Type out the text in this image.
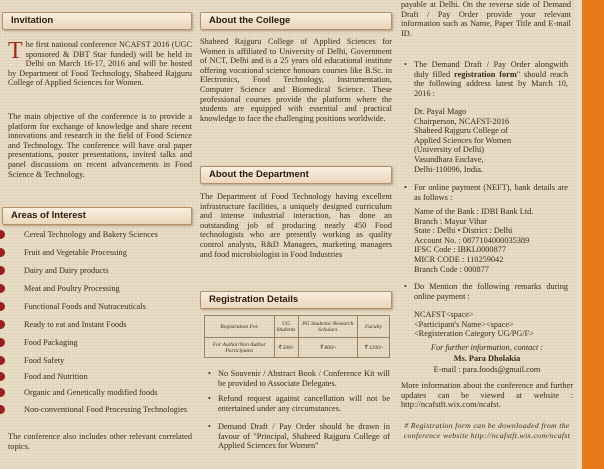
Invitation
The first national conference NCAFST 2016 (UGC sponsored & DBT Star funded) will be held in Delhi on March 16-17, 2016 and will be hosted by Department of Food Technology, Shaheed Rajguru College of Applied Sciences for Women.
The main objective of the conference is to provide a platform for exchange of knowledge and share recent innovations and research in the field of Food Science and Technology. The conference will have oral paper presentations, poster presentations, invited talks and panel discussions on recent advancements in Food Science & Technology.
Areas of Interest
Cereal Technology and Bakery Sciences
Fruit and Vegetable Processing
Dairy and Dairy products
Meat and Poultry Processing
Functional Foods and Nutraceuticals
Ready to eat and Instant Foods
Food Packaging
Food Safety
Food and Nutrition
Organic and Genetically modified foods
Non-conventional Food Processing Technologies
The conference also includes other relevant correlated topics.
About the College
Shaheed Rajguru College of Applied Sciences for Women is affiliated to University of Delhi, Government of NCT, Delhi and is a 25 years old educational institute offering vocational science honours courses like B.Sc. in Electronics, Food Technology, Instrumentation, Computer Science and Biomedical Science. These professional courses provide the platform where the students are equipped with essential and practical knowledge to face the challenging positions worldwide.
About the Department
The Department of Food Technology having excellent infrastructure facilities, a uniquely designed curriculum and intense industrial interaction, has done an outstanding job of producing nearly 450 Food technologists who are presently working as quality control analysts, R&D Managers, marketing managers and food microbiologist in Food Industries
Registration Details
Registration Fee	UG Students	PG Students/ Research Scholars	Faculty
For Author/Non Author Participants	₹ 500/-	₹ 800/-	₹ 1200/-
• No Souvenir / Abstract Book / Conference Kit will be provided to Associate Delegates.
• Refund request against cancellation will not be entertained under any circumstances.
• Demand Draft / Pay Order should be drawn in favour of "Principal, Shaheed Rajguru College of Applied Sciences for Women"
payable at Delhi. On the reverse side of Demand Draft / Pay Order provide your relevant information such as Name, Paper Title and E-mail ID.
• The Demand Draft / Pay Order alongwith duly filled registration form" should reach the following address latest by March 10, 2016 :
Dr. Payal Mago
Chairperson, NCAFST-2016
Shaheed Rajguru College of
Applied Sciences for Women
(University of Delhi)
Vasundhara Enclave,
Delhi-110096, India.
• For online payment (NEFT), bank details are as follows :
Name of the Bank : IDBI Bank Ltd.
Branch : Mayur Vihar
State : Delhi • District : Delhi
Account No. : 0877104000035389
IFSC Code : IBKL0000877
MICR CODE : 110259042
Branch Code : 000877
• Do Mention the following remarks during online payment :
NCAFST<space>
<Participant's Name><space>
<Registeration Category UG/PG/F>
For further information, contact :
Ms. Para Dholakia
E-mail : para.foods@gmail.com
More information about the conference and further updates can be viewed at website : http://ncafstft.wix.com/ncafst.
# Registration form can be downloaded from the conference website http://ncafstft.wix.com/ncafst
